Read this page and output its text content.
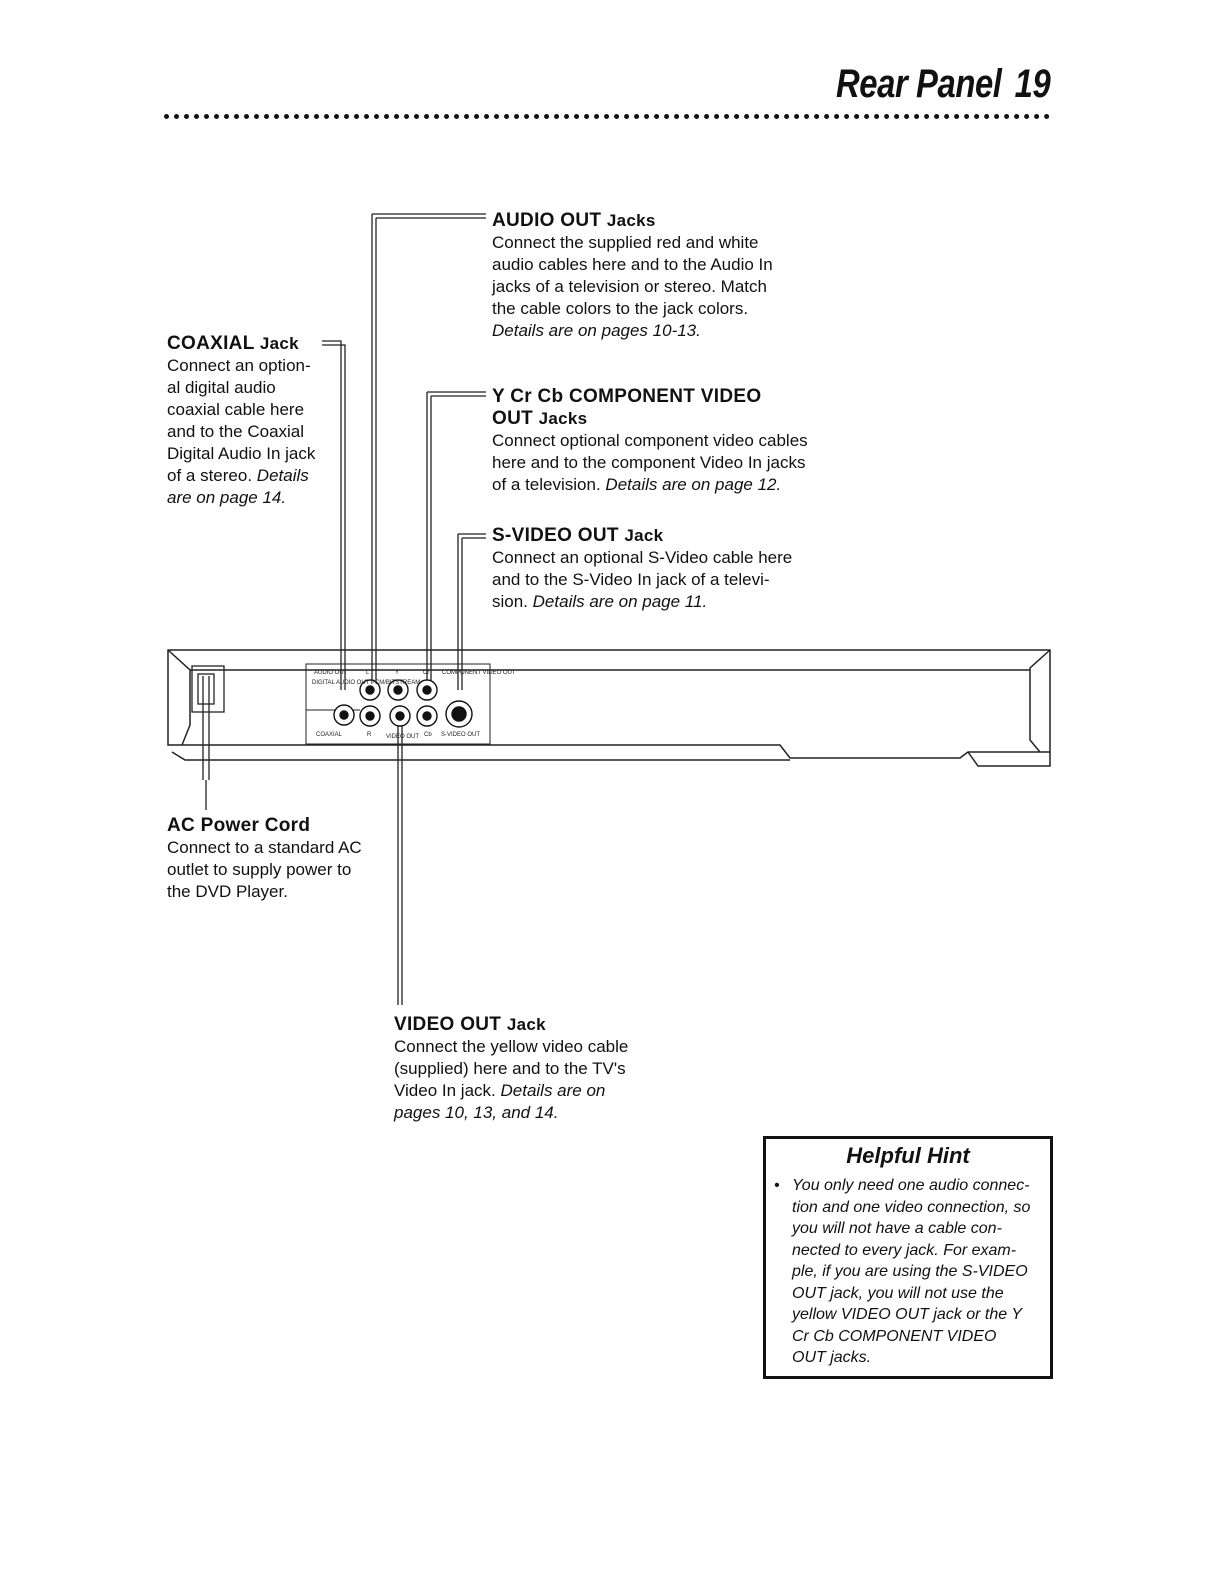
Rear Panel 19
AUDIO OUT Jacks

Connect the supplied red and white

audio cables here and to the Audio In

jacks of a television or stereo. Match

the cable colors to the jack colors.

Details are on pages 10-13.

COAXIAL Jack

Connect an option-

al digital audio

coaxial cable here

and to the Coaxial

Digital Audio In jack

of a stereo. Details

are on page 14.

Y Cr Cb COMPONENT VIDEO
OUT Jacks

Connect optional component video cables

here and to the component Video In jacks

of a television. Details are on page 12.

S-VIDEO OUT Jack

Connect an optional S-Video cable here

and to the S-Video In jack of a televi-

sion. Details are on page 11.

AC Power Cord

Connect to a standard AC

outlet to supply power to

the DVD Player.

VIDEO OUT Jack

Connect the yellow video cable

(supplied) here and to the TV's

Video In jack. Details are on

pages 10, 13, and 14.

AUDIO OUT
DIGITAL AUDIO OUT PCM/BITSTREAM
L
R
Y	Cr
Cb
COMPONENT VIDEO OUT
COAXIAL	VIDEO OUT	S-VIDEO OUT
Helpful Hint
• You only need one audio connec-
tion and one video connection, so
you will not have a cable con-
nected to every jack. For exam-
ple, if you are using the S-VIDEO
OUT jack, you will not use the
yellow VIDEO OUT jack or the Y
Cr Cb COMPONENT VIDEO
OUT jacks.
